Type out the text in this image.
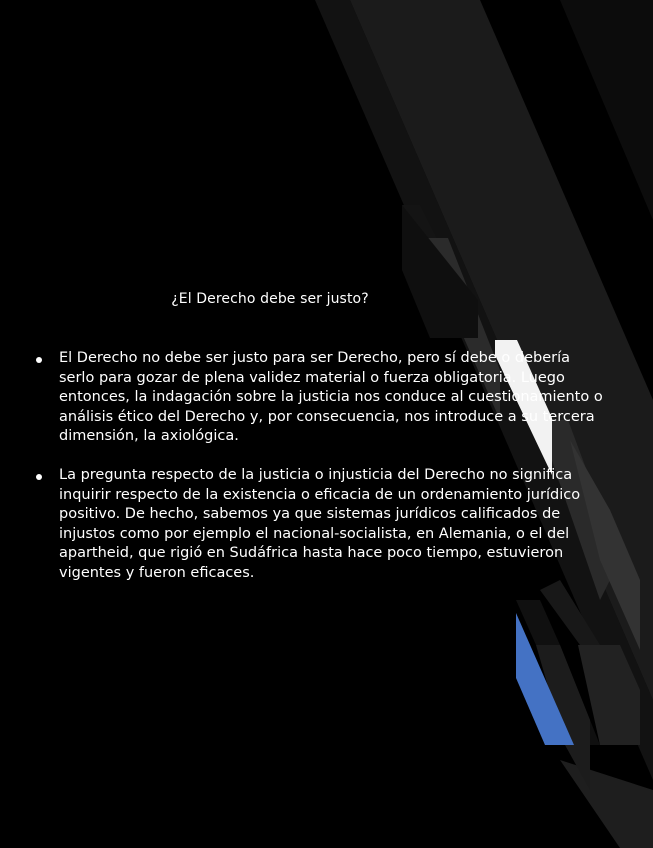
¿El Derecho debe ser justo?
El Derecho no debe ser justo para ser Derecho, pero sí debe o debería serlo para gozar de plena validez material o fuerza obligatoria. Luego entonces, la indagación sobre la justicia nos conduce al cuestionamiento o análisis ético del Derecho y, por consecuencia, nos introduce a su tercera dimensión, la axiológica.
La pregunta respecto de la justicia o injusticia del Derecho no significa inquirir respecto de la existencia o eficacia de un ordenamiento jurídico positivo. De hecho, sabemos ya que sistemas jurídicos calificados de injustos como por ejemplo el nacional-socialista, en Alemania, o el del apartheid, que rigió en Sudáfrica hasta hace poco tiempo, estuvieron vigentes y fueron eficaces.
